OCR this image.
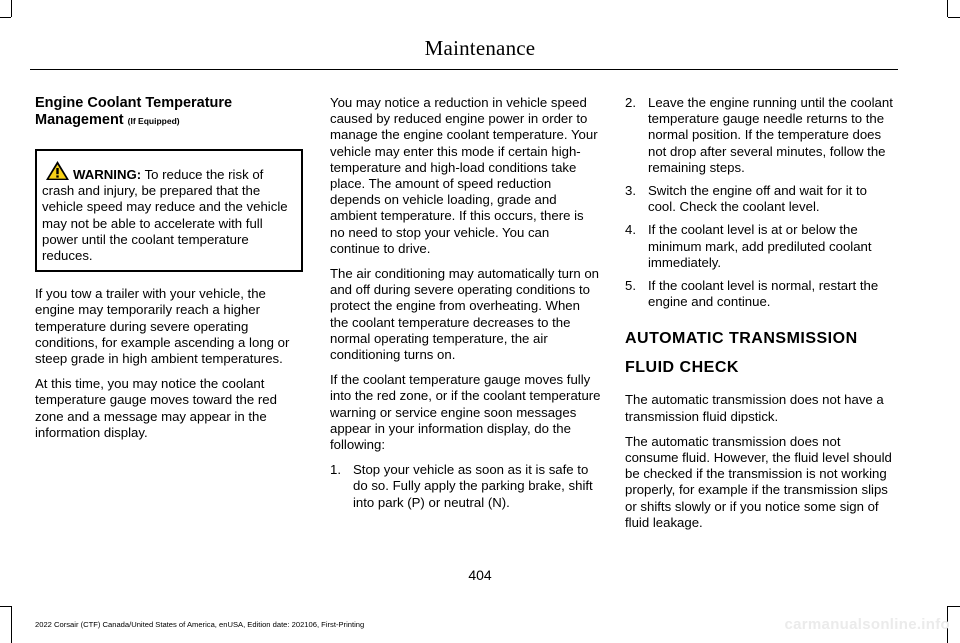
Maintenance
Engine Coolant Temperature Management (If Equipped)
WARNING: To reduce the risk of crash and injury, be prepared that the vehicle speed may reduce and the vehicle may not be able to accelerate with full power until the coolant temperature reduces.

If you tow a trailer with your vehicle, the engine may temporarily reach a higher temperature during severe operating conditions, for example ascending a long or steep grade in high ambient temperatures.

At this time, you may notice the coolant temperature gauge moves toward the red zone and a message may appear in the information display.

You may notice a reduction in vehicle speed caused by reduced engine power in order to manage the engine coolant temperature. Your vehicle may enter this mode if certain high-temperature and high-load conditions take place. The amount of speed reduction depends on vehicle loading, grade and ambient temperature. If this occurs, there is no need to stop your vehicle. You can continue to drive.

The air conditioning may automatically turn on and off during severe operating conditions to protect the engine from overheating. When the coolant temperature decreases to the normal operating temperature, the air conditioning turns on.

If the coolant temperature gauge moves fully into the red zone, or if the coolant temperature warning or service engine soon messages appear in your information display, do the following:

1. Stop your vehicle as soon as it is safe to do so. Fully apply the parking brake, shift into park (P) or neutral (N).
2. Leave the engine running until the coolant temperature gauge needle returns to the normal position. If the temperature does not drop after several minutes, follow the remaining steps.
3. Switch the engine off and wait for it to cool. Check the coolant level.
4. If the coolant level is at or below the minimum mark, add prediluted coolant immediately.
5. If the coolant level is normal, restart the engine and continue.
AUTOMATIC TRANSMISSION
FLUID CHECK

The automatic transmission does not have a transmission fluid dipstick.

The automatic transmission does not consume fluid. However, the fluid level should be checked if the transmission is not working properly, for example if the transmission slips or shifts slowly or if you notice some sign of fluid leakage.

404
2022 Corsair (CTF) Canada/United States of America, enUSA, Edition date: 202106, First-Printing	carmanualsonline.info
